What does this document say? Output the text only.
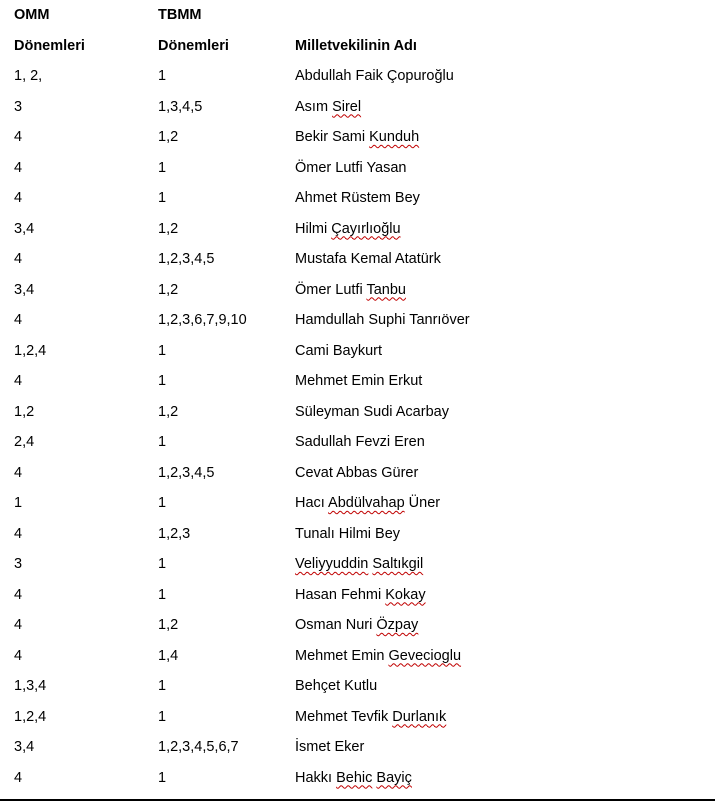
OMM	TBMM
Dönemleri	Dönemleri	Milletvekilinin Adı
1, 2,	1	Abdullah Faik Çopuroğlu
3	1,3,4,5	Asım Sirel
4	1,2	Bekir Sami Kunduh
4	1	Ömer Lutfi Yasan
4	1	Ahmet Rüstem Bey
3,4	1,2	Hilmi Çayırlıoğlu
4	1,2,3,4,5	Mustafa Kemal Atatürk
3,4	1,2	Ömer Lutfi Tanbu
4	1,2,3,6,7,9,10	Hamdullah Suphi Tanrıöver
1,2,4	1	Cami Baykurt
4	1	Mehmet Emin Erkut
1,2	1,2	Süleyman Sudi Acarbay
2,4	1	Sadullah Fevzi Eren
4	1,2,3,4,5	Cevat Abbas Gürer
1	1	Hacı Abdülvahap Üner
4	1,2,3	Tunalı Hilmi Bey
3	1	Veliyyuddin Saltıkgil
4	1	Hasan Fehmi Kokay
4	1,2	Osman Nuri Özpay
4	1,4	Mehmet Emin Gevecioglu
1,3,4	1	Behçet Kutlu
1,2,4	1	Mehmet Tevfik Durlanık
3,4	1,2,3,4,5,6,7	İsmet Eker
4	1	Hakkı Behic Bayiç
